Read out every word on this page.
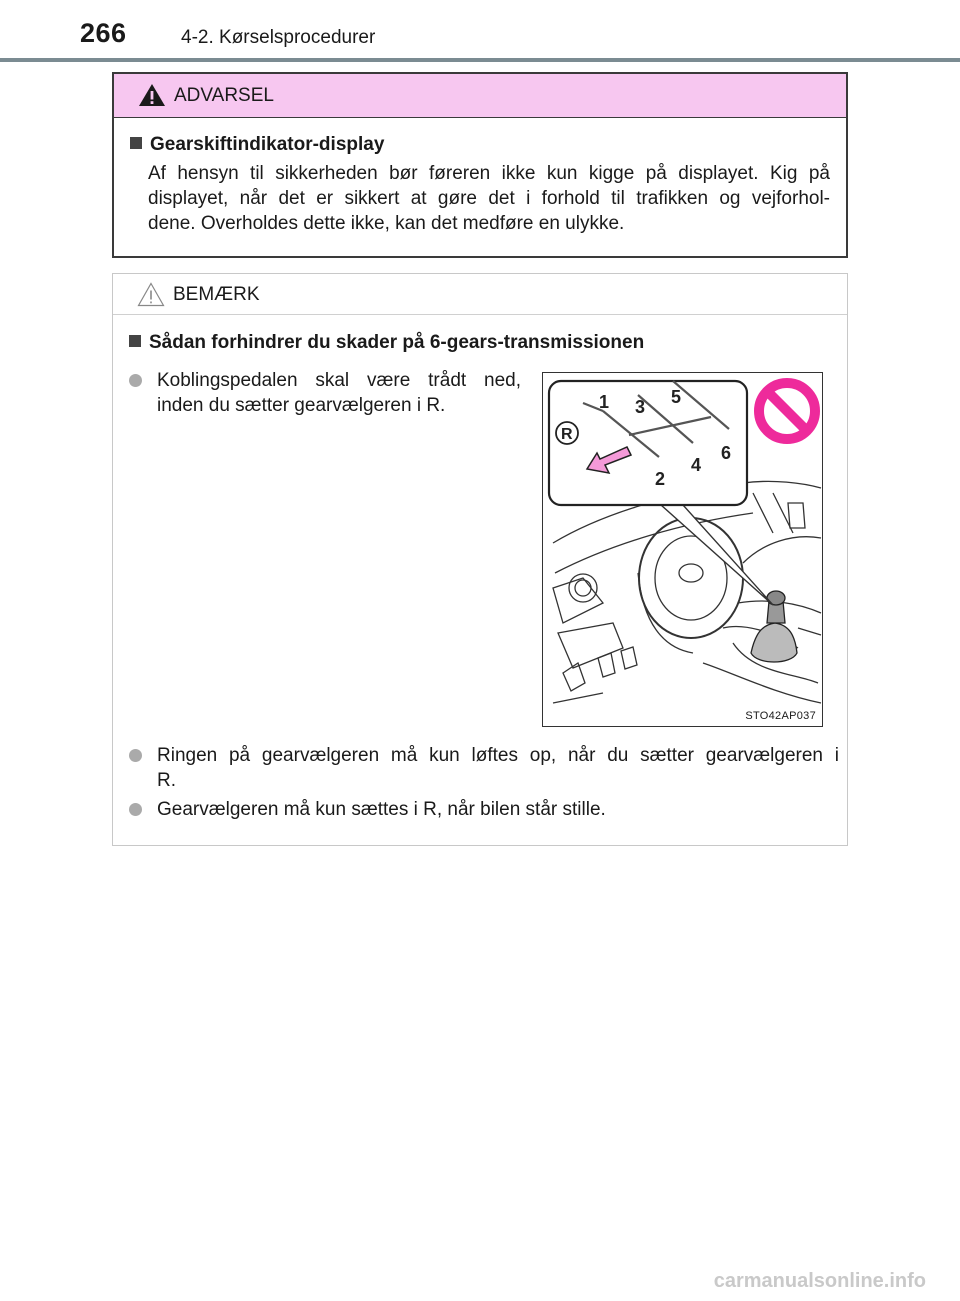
266	4-2. Kørselsprocedurer
ADVARSEL
Gearskiftindikator-display
Af hensyn til sikkerheden bør føreren ikke kun kigge på displayet. Kig på
displayet, når det er sikkert at gøre det i forhold til trafikken og vejforhol-
dene. Overholdes dette ikke, kan det medføre en ulykke.
BEMÆRK
Sådan forhindrer du skader på 6-gears-transmissionen
Koblingspedalen skal være trådt ned,
inden du sætter gearvælgeren i R.
Ringen på gearvælgeren må kun løftes op, når du sætter gearvælgeren i
R.
Gearvælgeren må kun sættes i R, når bilen står stille.
1 3 5
2
4
6
R
STO42AP037
carmanualsonline.info
